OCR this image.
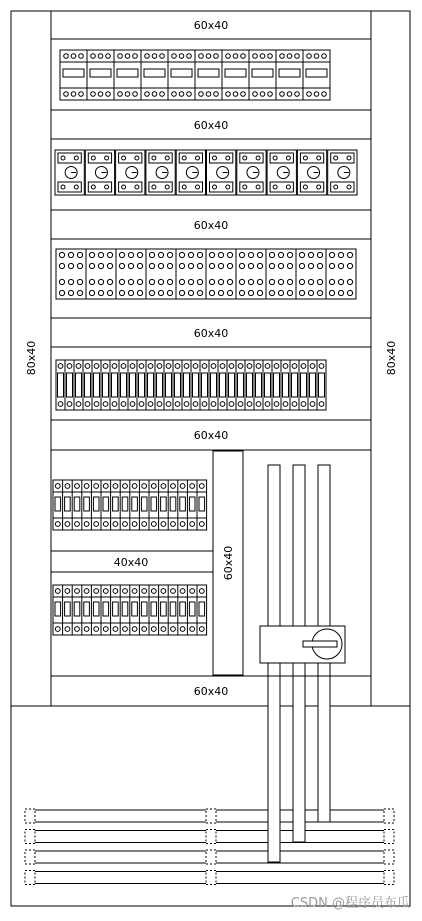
60x40
60x40
60x40
60x40
60x40
60x40
40x40
80x40	80x40
60x40
CSDN @程序员布瓜
